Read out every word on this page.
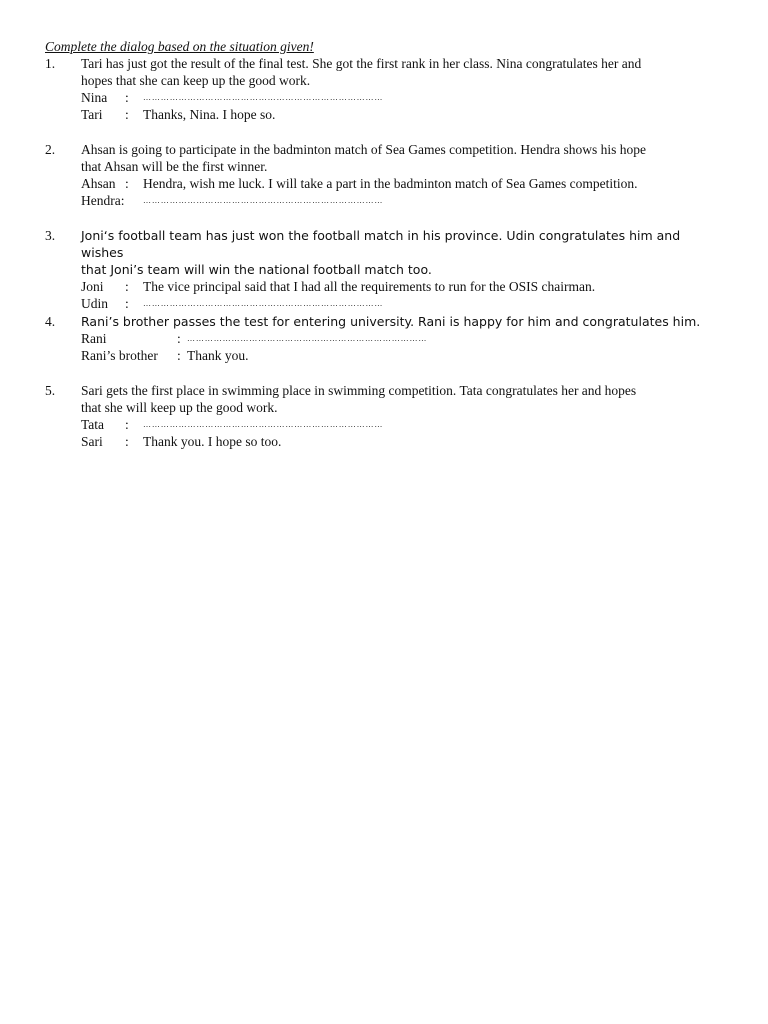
Complete the dialog based on the situation given!

1. Tari has just got the result of the final test. She got the first rank in her class. Nina congratulates her and
hopes that she can keep up the good work.

Nina : ………………………………………………………………………
Tari : Thanks, Nina. I hope so.
2. Ahsan is going to participate in the badminton match of Sea Games competition. Hendra shows his hope
that Ahsan will be the first winner.

Ahsan : Hendra, wish me luck. I will take a part in the badminton match of Sea Games competition.
Hendra: ………………………………………………………………………
3. Joni‘s football team has just won the football match in his province. Udin congratulates him and wishes
that Joni’s team will win the national football match too.

Joni : The vice principal said that I had all the requirements to run for the OSIS chairman.
Udin : ………………………………………………………………………
4. Rani’s brother passes the test for entering university. Rani is happy for him and congratulates him.

Rani	: ………………………………………………………………………
Rani’s brother : Thank you.
5. Sari gets the first place in swimming place in swimming competition. Tata congratulates her and hopes
that she will keep up the good work.

Tata : ………………………………………………………………………
Sari : Thank you. I hope so too.
